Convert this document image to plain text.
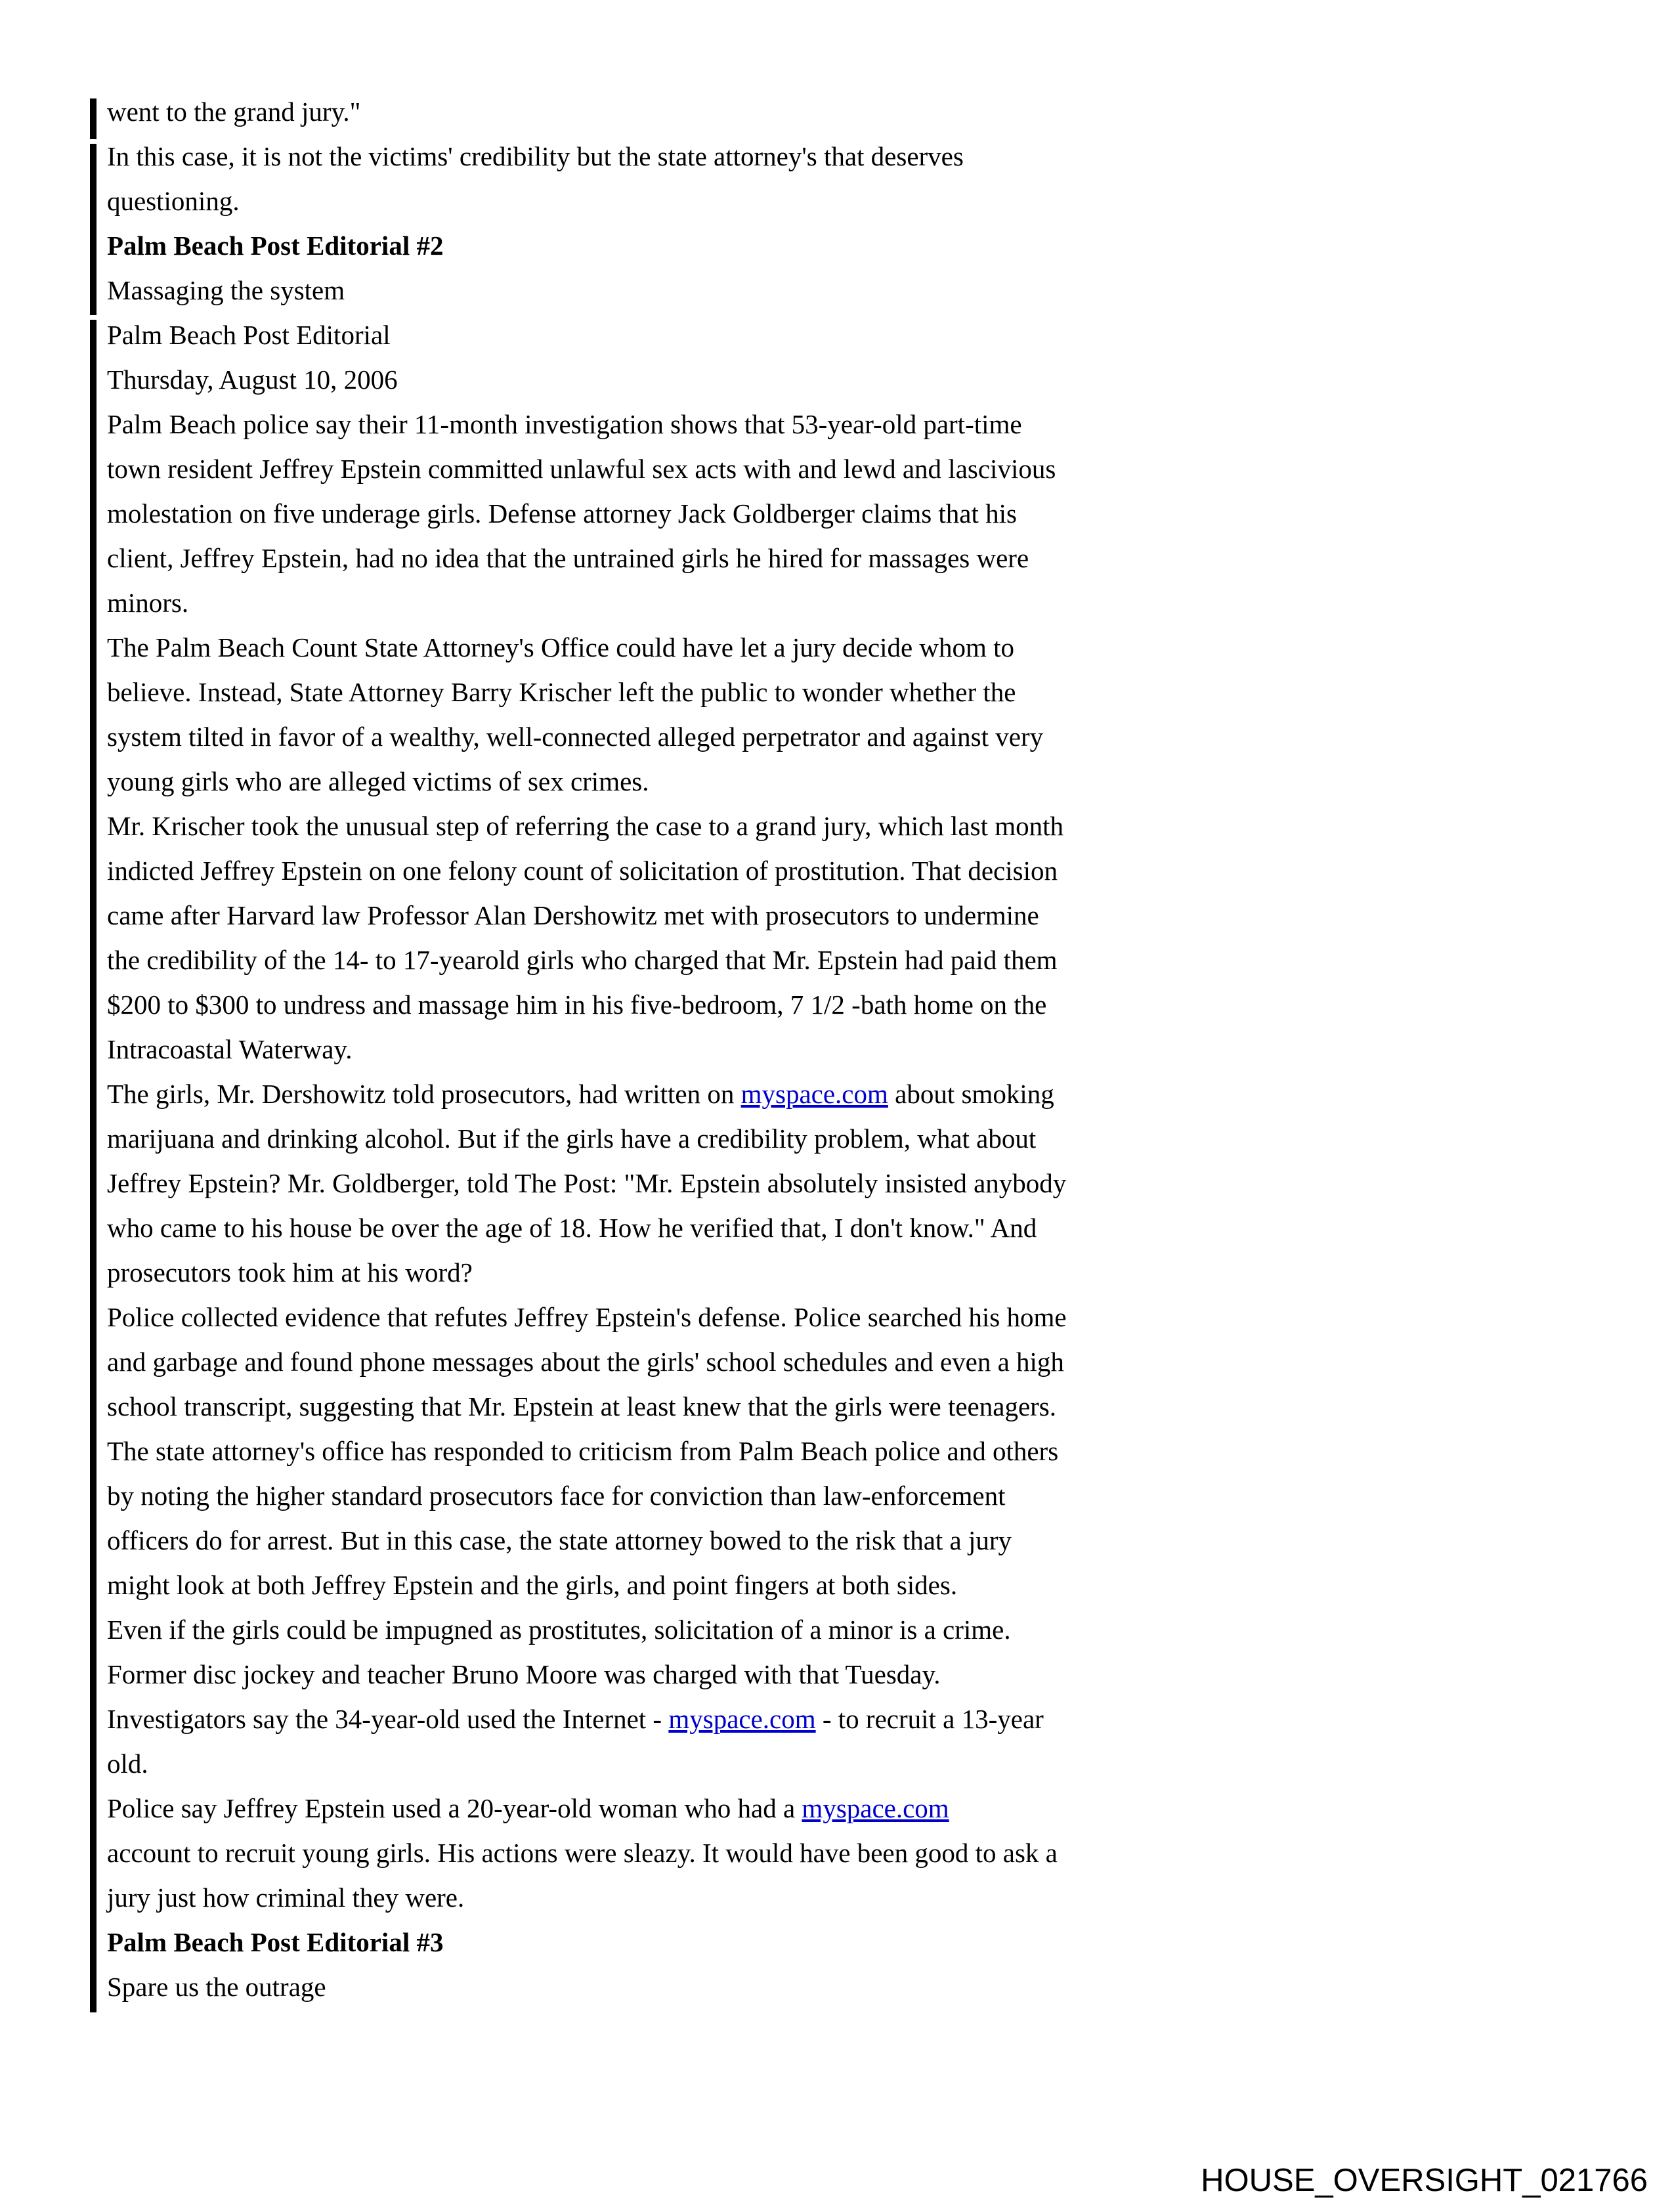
went to the grand jury."
In this case, it is not the victims' credibility but the state attorney's that deserves
questioning.
Palm Beach Post Editorial #2
Massaging the system
Palm Beach Post Editorial
Thursday, August 10, 2006
Palm Beach police say their 11-month investigation shows that 53-year-old part-time
town resident Jeffrey Epstein committed unlawful sex acts with and lewd and lascivious
molestation on five underage girls. Defense attorney Jack Goldberger claims that his
client, Jeffrey Epstein, had no idea that the untrained girls he hired for massages were
minors.
The Palm Beach Count State Attorney's Office could have let a jury decide whom to
believe. Instead, State Attorney Barry Krischer left the public to wonder whether the
system tilted in favor of a wealthy, well-connected alleged perpetrator and against very
young girls who are alleged victims of sex crimes.
Mr. Krischer took the unusual step of referring the case to a grand jury, which last month
indicted Jeffrey Epstein on one felony count of solicitation of prostitution. That decision
came after Harvard law Professor Alan Dershowitz met with prosecutors to undermine
the credibility of the 14- to 17-yearold girls who charged that Mr. Epstein had paid them
$200 to $300 to undress and massage him in his five-bedroom, 7 1/2 -bath home on the
Intracoastal Waterway.
The girls, Mr. Dershowitz told prosecutors, had written on myspace.com about smoking
marijuana and drinking alcohol. But if the girls have a credibility problem, what about
Jeffrey Epstein? Mr. Goldberger, told The Post: "Mr. Epstein absolutely insisted anybody
who came to his house be over the age of 18. How he verified that, I don't know." And
prosecutors took him at his word?
Police collected evidence that refutes Jeffrey Epstein's defense. Police searched his home
and garbage and found phone messages about the girls' school schedules and even a high
school transcript, suggesting that Mr. Epstein at least knew that the girls were teenagers.
The state attorney's office has responded to criticism from Palm Beach police and others
by noting the higher standard prosecutors face for conviction than law-enforcement
officers do for arrest. But in this case, the state attorney bowed to the risk that a jury
might look at both Jeffrey Epstein and the girls, and point fingers at both sides.
Even if the girls could be impugned as prostitutes, solicitation of a minor is a crime.
Former disc jockey and teacher Bruno Moore was charged with that Tuesday.
Investigators say the 34-year-old used the Internet - myspace.com - to recruit a 13-year
old.
Police say Jeffrey Epstein used a 20-year-old woman who had a myspace.com
account to recruit young girls. His actions were sleazy. It would have been good to ask a
jury just how criminal they were.
Palm Beach Post Editorial #3
Spare us the outrage
HOUSE_OVERSIGHT_021766
